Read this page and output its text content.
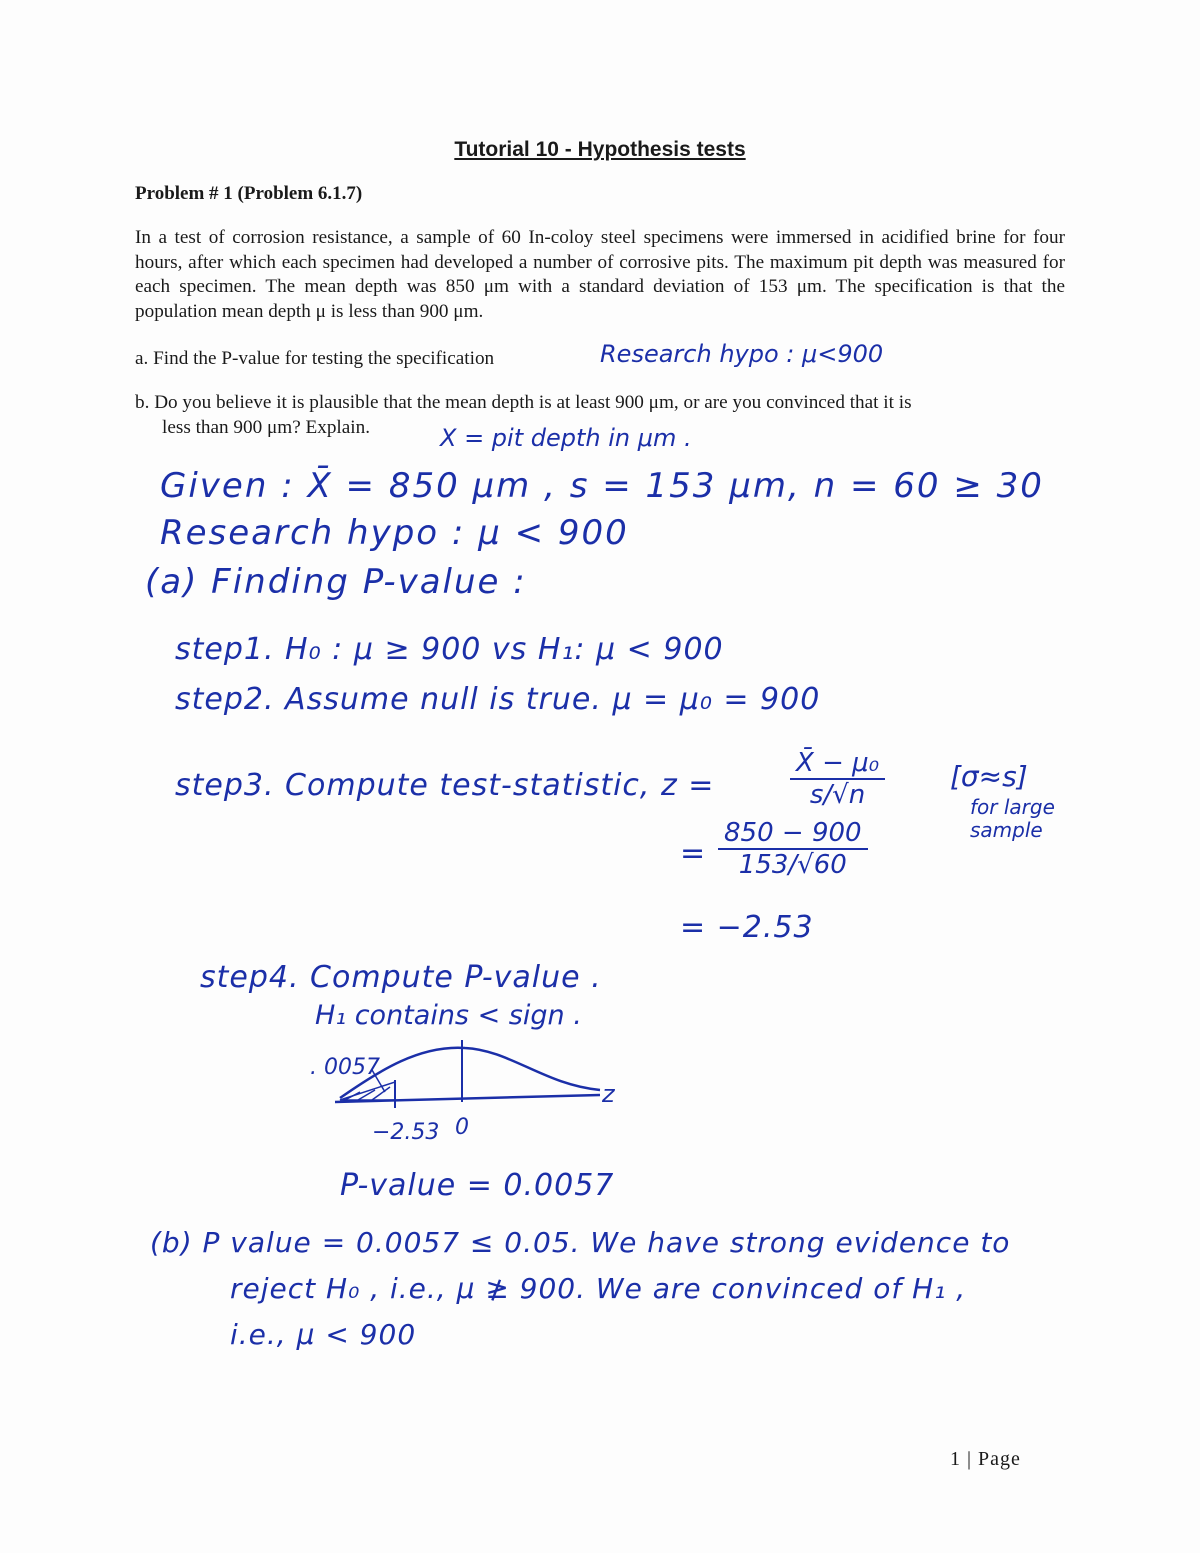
Tutorial 10 - Hypothesis tests
Problem # 1 (Problem 6.1.7)
In a test of corrosion resistance, a sample of 60 In-coloy steel specimens were immersed in acidified brine for four hours, after which each specimen had developed a number of corrosive pits. The maximum pit depth was measured for each specimen. The mean depth was 850 μm with a standard deviation of 153 μm. The specification is that the population mean depth μ is less than 900 μm.
a. Find the P-value for testing the specification
b. Do you believe it is plausible that the mean depth is at least 900 μm, or are you convinced that it is
less than 900 μm? Explain.
Research hypo : μ<900
X = pit depth in μm .
Given : X̄ = 850 μm , s = 153 μm, n = 60 ≥ 30
Research hypo : μ < 900
(a) Finding P-value :
step1. H₀ : μ ≥ 900 vs H₁: μ < 900
step2. Assume null is true. μ = μ₀ = 900
step3. Compute test-statistic, z =	$\frac{\text{X̄ − μ₀}}{s/√n} [\sigma\approx s]$
for large
sample
= $\frac{850 - 900}{153/√60}$
= −2.53
step4. Compute P-value .
H₁ contains < sign .
. 0057
z
−2.53 0
P-value = 0.0057
(b) P value = 0.0057 ≤ 0.05. We have strong evidence to
reject H₀ , i.e., μ ≱ 900. We are convinced of H₁ ,
i.e., μ < 900
1 | Page
